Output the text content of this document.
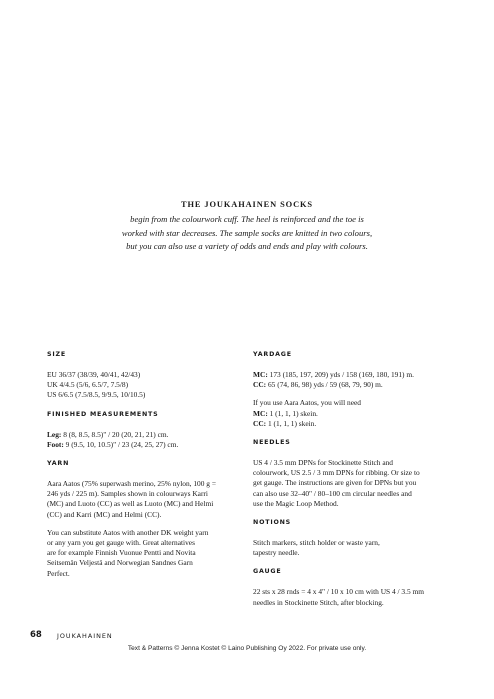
THE JOUKAHAINEN SOCKS
begin from the colourwork cuff. The heel is reinforced and the toe is
worked with star decreases. The sample socks are knitted in two colours,
but you can also use a variety of odds and ends and play with colours.
SIZE
EU 36/37 (38/39, 40/41, 42/43)
UK 4/4.5 (5/6, 6.5/7, 7.5/8)
US 6/6.5 (7.5/8.5, 9/9.5, 10/10.5)
FINISHED MEASUREMENTS
Leg: 8 (8, 8.5, 8.5)" / 20 (20, 21, 21) cm.
Foot: 9 (9.5, 10, 10.5)" / 23 (24, 25, 27) cm.
YARN
Aara Aatos (75% superwash merino, 25% nylon, 100 g =
246 yds / 225 m). Samples shown in colourways Karri
(MC) and Luoto (CC) as well as Luoto (MC) and Helmi
(CC) and Karri (MC) and Helmi (CC).
You can substitute Aatos with another DK weight yarn
or any yarn you get gauge with. Great alternatives
are for example Finnish Vuonue Pentti and Novita
Seitsemän Veljestä and Norwegian Sandnes Garn
Perfect.
YARDAGE
MC: 173 (185, 197, 209) yds / 158 (169, 180, 191) m.
CC: 65 (74, 86, 98) yds / 59 (68, 79, 90) m.
If you use Aara Aatos, you will need
MC: 1 (1, 1, 1) skein.
CC: 1 (1, 1, 1) skein.
NEEDLES
US 4 / 3.5 mm DPNs for Stockinette Stitch and
colourwork, US 2.5 / 3 mm DPNs for ribbing. Or size to
get gauge. The instructions are given for DPNs but you
can also use 32–40" / 80–100 cm circular needles and
use the Magic Loop Method.
NOTIONS
Stitch markers, stitch holder or waste yarn,
tapestry needle.
GAUGE
22 sts x 28 rnds = 4 x 4" / 10 x 10 cm with US 4 / 3.5 mm
needles in Stockinette Stitch, after blocking.
68 JOUKAHAINEN
Text & Patterns © Jenna Kostet © Laino Publishing Oy 2022. For private use only.
